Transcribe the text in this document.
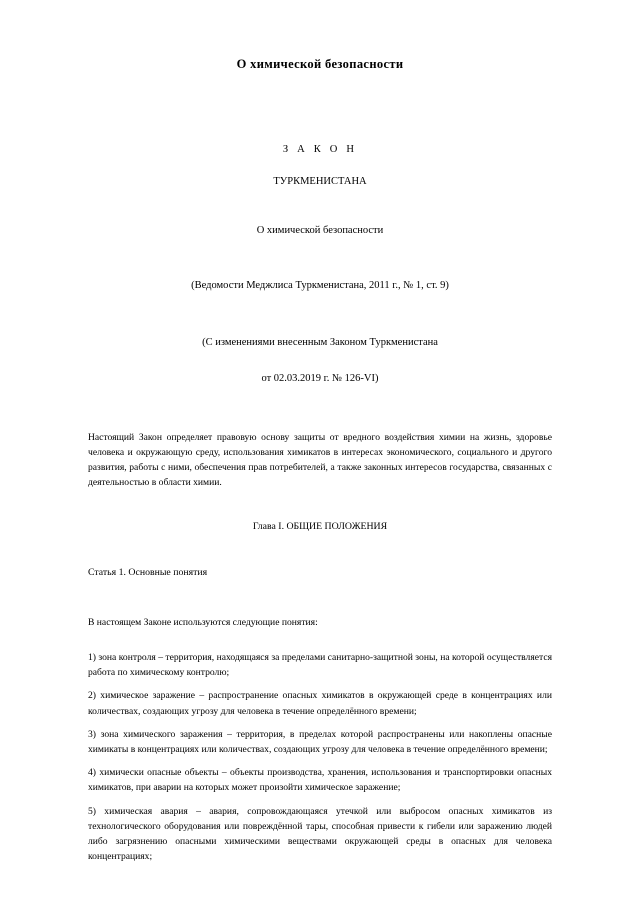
О химической безопасности

З А К О Н

ТУРКМЕНИСТАНА

О химической безопасности

(Ведомости Меджлиса Туркменистана, 2011 г., № 1, ст. 9)

(С изменениями внесенным Законом Туркменистана

от 02.03.2019 г. № 126-VI)

Настоящий Закон определяет правовую основу защиты от вредного воздействия химии на жизнь, здоровье человека и окружающую среду, использования химикатов в интересах экономического, социального и другого развития, работы с ними, обеспечения прав потребителей, а также законных интересов государства, связанных с деятельностью в области химии.

Глава I. ОБЩИЕ ПОЛОЖЕНИЯ

Статья 1. Основные понятия

В настоящем Законе используются следующие понятия:

1) зона контроля – территория, находящаяся за пределами санитарно-защитной зоны, на которой осуществляется работа по химическому контролю;

2) химическое заражение – распространение опасных химикатов в окружающей среде в концентрациях или количествах, создающих угрозу для человека в течение определённого времени;

3) зона химического заражения – территория, в пределах которой распространены или накоплены опасные химикаты в концентрациях или количествах, создающих угрозу для человека в течение определённого времени;

4) химически опасные объекты – объекты производства, хранения, использования и транспортировки опасных химикатов, при аварии на которых может произойти химическое заражение;

5) химическая авария – авария, сопровождающаяся утечкой или выбросом опасных химикатов из технологического оборудования или повреждённой тары, способная привести к гибели или заражению людей либо загрязнению опасными химическими веществами окружающей среды в опасных для человека концентрациях;
